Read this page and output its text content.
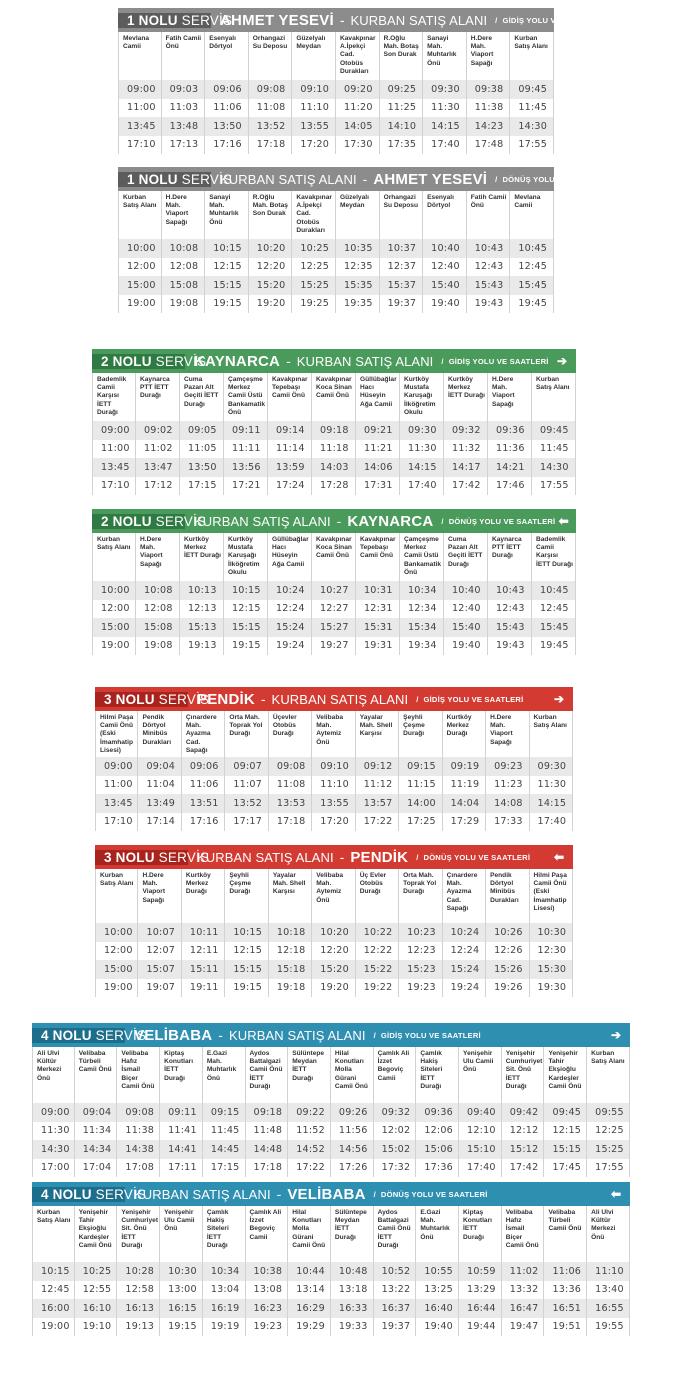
1 NOLU SERVİS
AHMET YESEVİ - KURBAN SATIŞ ALANI / GİDİŞ YOLU VE SAATLERİ ➔
Mevlana Camii
Fatih Camii Önü
Esenyalı Dörtyol
Orhangazi Su Deposu
Güzelyalı Meydan
Kavakpınar A.İpekçi Cad. Otobüs Durakları
R.Oğlu Mah. Botaş Son Durak
Sanayi Mah. Muhtarlık Önü
H.Dere Mah. Viaport Sapağı
Kurban Satış Alanı
09:00	09:03	09:06	09:08	09:10	09:20	09:25	09:30	09:38	09:45
11:00	11:03	11:06	11:08	11:10	11:20	11:25	11:30	11:38	11:45
13:45	13:48	13:50	13:52	13:55	14:05	14:10	14:15	14:23	14:30
17:10	17:13	17:16	17:18	17:20	17:30	17:35	17:40	17:48	17:55
1 NOLU SERVİS
KURBAN SATIŞ ALANI - AHMET YESEVİ / DÖNÜŞ YOLU VE SAATLERİ ⬅
Kurban Satış Alanı
H.Dere Mah. Viaport Sapağı
Sanayi Mah. Muhtarlık Önü
R.Oğlu Mah. Botaş Son Durak
Kavakpınar A.İpekçi Cad. Otobüs Durakları
Güzelyalı Meydan
Orhangazi Su Deposu
Esenyalı Dörtyol
Fatih Camii Önü
Mevlana Camii
10:00	10:08	10:15	10:20	10:25	10:35	10:37	10:40	10:43	10:45
12:00	12:08	12:15	12:20	12:25	12:35	12:37	12:40	12:43	12:45
15:00	15:08	15:15	15:20	15:25	15:35	15:37	15:40	15:43	15:45
19:00	19:08	19:15	19:20	19:25	19:35	19:37	19:40	19:43	19:45
2 NOLU SERVİS
KAYNARCA - KURBAN SATIŞ ALANI / GİDİŞ YOLU VE SAATLERİ ➔
Bademlik Camii Karşısı İETT Durağı
Kaynarca PTT İETT Durağı
Cuma Pazarı Alt Geçiti İETT Durağı
Çamçeşme Merkez Camii Üstü Bankamatik Önü
Kavakpınar Tepebaşı Camii Önü
Kavakpınar Koca Sinan Camii Önü
Güllübağlar Hacı Hüseyin Ağa Camii
Kurtköy Mustafa Karuşağı İlköğretim Okulu
Kurtköy Merkez İETT Durağı
H.Dere Mah. Viaport Sapağı
Kurban Satış Alanı
09:00	09:02	09:05	09:11	09:14	09:18	09:21	09:30	09:32	09:36	09:45
11:00	11:02	11:05	11:11	11:14	11:18	11:21	11:30	11:32	11:36	11:45
13:45	13:47	13:50	13:56	13:59	14:03	14:06	14:15	14:17	14:21	14:30
17:10	17:12	17:15	17:21	17:24	17:28	17:31	17:40	17:42	17:46	17:55
2 NOLU SERVİS
KURBAN SATIŞ ALANI - KAYNARCA / DÖNÜŞ YOLU VE SAATLERİ ⬅
Kurban Satış Alanı
H.Dere Mah. Viaport Sapağı
Kurtköy Merkez İETT Durağı
Kurtköy Mustafa Karuşağı İlköğretim Okulu
Güllübağlar Hacı Hüseyin Ağa Camii
Kavakpınar Koca Sinan Camii Önü
Kavakpınar Tepebaşı Camii Önü
Çamçeşme Merkez Camii Üstü Bankamatik Önü
Cuma Pazarı Alt Geçiti İETT Durağı
Kaynarca PTT İETT Durağı
Bademlik Camii Karşısı İETT Durağı
10:00	10:08	10:13	10:15	10:24	10:27	10:31	10:34	10:40	10:43	10:45
12:00	12:08	12:13	12:15	12:24	12:27	12:31	12:34	12:40	12:43	12:45
15:00	15:08	15:13	15:15	15:24	15:27	15:31	15:34	15:40	15:43	15:45
19:00	19:08	19:13	19:15	19:24	19:27	19:31	19:34	19:40	19:43	19:45
3 NOLU SERVİS
PENDİK - KURBAN SATIŞ ALANI / GİDİŞ YOLU VE SAATLERİ	➔
Hilmi Paşa Camii Önü (Eski İmamhatip Lisesi)
Pendik Dörtyol Minibüs Durakları
Çınardere Mah. Ayazma Cad. Sapağı
Orta Mah. Toprak Yol Durağı
Üçevler Otobüs Durağı
Velibaba Mah. Aytemiz Önü
Yayalar Mah. Shell Karşısı
Şeyhli Çeşme Durağı
Kurtköy Merkez Durağı
H.Dere Mah. Viaport Sapağı
Kurban Satış Alanı
09:00	09:04	09:06	09:07	09:08	09:10	09:12	09:15	09:19	09:23	09:30
11:00	11:04	11:06	11:07	11:08	11:10	11:12	11:15	11:19	11:23	11:30
13:45	13:49	13:51	13:52	13:53	13:55	13:57	14:00	14:04	14:08	14:15
17:10	17:14	17:16	17:17	17:18	17:20	17:22	17:25	17:29	17:33	17:40
3 NOLU SERVİS
KURBAN SATIŞ ALANI - PENDİK / DÖNÜŞ YOLU VE SAATLERİ	⬅
Kurban Satış Alanı
H.Dere Mah. Viaport Sapağı
Kurtköy Merkez Durağı
Şeyhli Çeşme Durağı
Yayalar Mah. Shell Karşısı
Velibaba Mah. Aytemiz Önü
Üç Evler Otobüs Durağı
Orta Mah. Toprak Yol Durağı
Çınardere Mah. Ayazma Cad. Sapağı
Pendik Dörtyol Minibüs Durakları
Hilmi Paşa Camii Önü (Eski İmamhatip Lisesi)
10:00	10:07	10:11	10:15	10:18	10:20	10:22	10:23	10:24	10:26	10:30
12:00	12:07	12:11	12:15	12:18	12:20	12:22	12:23	12:24	12:26	12:30
15:00	15:07	15:11	15:15	15:18	15:20	15:22	15:23	15:24	15:26	15:30
19:00	19:07	19:11	19:15	19:18	19:20	19:22	19:23	19:24	19:26	19:30
4 NOLU SERVİS
VELİBABA - KURBAN SATIŞ ALANI / GİDİŞ YOLU VE SAATLERİ	➔
Ali Ulvi Kültür Merkezi Önü
Velibaba Türbeli Camii Önü
Velibaba Hafız İsmail Biçer Camii Önü
Kiptaş Konutları İETT Durağı
E.Gazi Mah. Muhtarlık Önü
Aydos Battalgazi Camii Önü İETT Durağı
Sülüntepe Meydan İETT Durağı
Hilal Konutları Molla Gürani Camii Önü
Çamlık Ali İzzet Begoviç Camii
Çamlık Hakiş Siteleri İETT Durağı
Yenişehir Ulu Camii Önü
Yenişehir Cumhuriyet Sit. Önü İETT Durağı
Yenişehir Tahir Ekşioğlu Kardeşler Camii Önü
Kurban Satış Alanı
09:00	09:04	09:08	09:11	09:15	09:18	09:22	09:26	09:32	09:36	09:40	09:42	09:45	09:55
11:30	11:34	11:38	11:41	11:45	11:48	11:52	11:56	12:02	12:06	12:10	12:12	12:15	12:25
14:30	14:34	14:38	14:41	14:45	14:48	14:52	14:56	15:02	15:06	15:10	15:12	15:15	15:25
17:00	17:04	17:08	17:11	17:15	17:18	17:22	17:26	17:32	17:36	17:40	17:42	17:45	17:55
4 NOLU SERVİS
KURBAN SATIŞ ALANI - VELİBABA / DÖNÜŞ YOLU VE SAATLERİ	⬅
Kurban Satış Alanı
Yenişehir Tahir Ekşioğlu Kardeşler Camii Önü
Yenişehir Cumhuriyet Sit. Önü İETT Durağı
Yenişehir Ulu Camii Önü
Çamlık Hakiş Siteleri İETT Durağı
Çamlık Ali İzzet Begoviç Camii
Hilal Konutları Molla Gürani Camii Önü
Sülüntepe Meydan İETT Durağı
Aydos Battalgazi Camii Önü İETT Durağı
E.Gazi Mah. Muhtarlık Önü
Kiptaş Konutları İETT Durağı
Velibaba Hafız İsmail Biçer Camii Önü
Velibaba Türbeli Camii Önü
Ali Ulvi Kültür Merkezi Önü
10:15	10:25	10:28	10:30	10:34	10:38	10:44	10:48	10:52	10:55	10:59	11:02	11:06	11:10
12:45	12:55	12:58	13:00	13:04	13:08	13:14	13:18	13:22	13:25	13:29	13:32	13:36	13:40
16:00	16:10	16:13	16:15	16:19	16:23	16:29	16:33	16:37	16:40	16:44	16:47	16:51	16:55
19:00	19:10	19:13	19:15	19:19	19:23	19:29	19:33	19:37	19:40	19:44	19:47	19:51	19:55
